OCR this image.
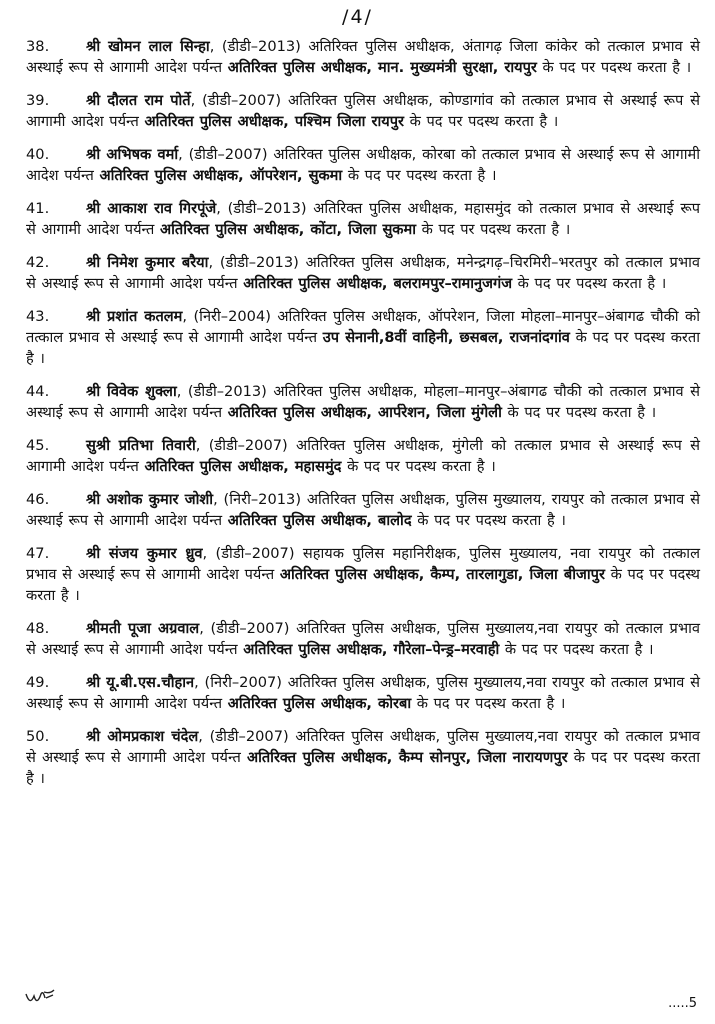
/4/

38.	श्री खोमन लाल सिन्हा, (डीडी–2013) अतिरिक्त पुलिस अधीक्षक, अंतागढ़ जिला कांकेर को तत्काल प्रभाव से अस्थाई रूप से आगामी आदेश पर्यन्त अतिरिक्त पुलिस अधीक्षक, मान. मुख्यमंत्री सुरक्षा, रायपुर के पद पर पदस्थ करता है ।

39.	श्री दौलत राम पोर्ते, (डीडी–2007) अतिरिक्त पुलिस अधीक्षक, कोण्डागांव को तत्काल प्रभाव से अस्थाई रूप से आगामी आदेश पर्यन्त अतिरिक्त पुलिस अधीक्षक, पश्चिम जिला रायपुर के पद पर पदस्थ करता है ।

40.	श्री अभिषक वर्मा, (डीडी–2007) अतिरिक्त पुलिस अधीक्षक, कोरबा को तत्काल प्रभाव से अस्थाई रूप से आगामी आदेश पर्यन्त अतिरिक्त पुलिस अधीक्षक, ऑपरेशन, सुकमा के पद पर पदस्थ करता है ।

41.	श्री आकाश राव गिरपूंजे, (डीडी–2013) अतिरिक्त पुलिस अधीक्षक, महासमुंद को तत्काल प्रभाव से अस्थाई रूप से आगामी आदेश पर्यन्त अतिरिक्त पुलिस अधीक्षक, कोंटा, जिला सुकमा के पद पर पदस्थ करता है ।

42.	श्री निमेश कुमार बरैया, (डीडी–2013) अतिरिक्त पुलिस अधीक्षक, मनेन्द्रगढ़–चिरमिरी–भरतपुर को तत्काल प्रभाव से अस्थाई रूप से आगामी आदेश पर्यन्त अतिरिक्त पुलिस अधीक्षक, बलरामपुर–रामानुजगंज के पद पर पदस्थ करता है ।

43.	श्री प्रशांत कतलम, (निरी–2004) अतिरिक्त पुलिस अधीक्षक, ऑपरेशन, जिला मोहला–मानपुर–अंबागढ चौकी को तत्काल प्रभाव से अस्थाई रूप से आगामी आदेश पर्यन्त उप सेनानी,8वीं वाहिनी, छसबल, राजनांदगांव के पद पर पदस्थ करता है ।

44.	श्री विवेक शुक्ला, (डीडी–2013) अतिरिक्त पुलिस अधीक्षक, मोहला–मानपुर–अंबागढ चौकी को तत्काल प्रभाव से अस्थाई रूप से आगामी आदेश पर्यन्त अतिरिक्त पुलिस अधीक्षक, आर्परेशन, जिला मुंगेली के पद पर पदस्थ करता है ।

45.	सुश्री प्रतिभा तिवारी, (डीडी–2007) अतिरिक्त पुलिस अधीक्षक, मुंगेली को तत्काल प्रभाव से अस्थाई रूप से आगामी आदेश पर्यन्त अतिरिक्त पुलिस अधीक्षक, महासमुंद के पद पर पदस्थ करता है ।

46.	श्री अशोक कुमार जोशी, (निरी–2013) अतिरिक्त पुलिस अधीक्षक, पुलिस मुख्यालय, रायपुर को तत्काल प्रभाव से अस्थाई रूप से आगामी आदेश पर्यन्त अतिरिक्त पुलिस अधीक्षक, बालोद के पद पर पदस्थ करता है ।

47.	श्री संजय कुमार ध्रुव, (डीडी–2007) सहायक पुलिस महानिरीक्षक, पुलिस मुख्यालय, नवा रायपुर को तत्काल प्रभाव से अस्थाई रूप से आगामी आदेश पर्यन्त अतिरिक्त पुलिस अधीक्षक, कैम्प, तारलागुडा, जिला बीजापुर के पद पर पदस्थ करता है ।

48.	श्रीमती पूजा अग्रवाल, (डीडी–2007) अतिरिक्त पुलिस अधीक्षक, पुलिस मुख्यालय,नवा रायपुर को तत्काल प्रभाव से अस्थाई रूप से आगामी आदेश पर्यन्त अतिरिक्त पुलिस अधीक्षक, गौरेला–पेन्ड्र–मरवाही के पद पर पदस्थ करता है ।

49.	श्री यू.बी.एस.चौहान, (निरी–2007) अतिरिक्त पुलिस अधीक्षक, पुलिस मुख्यालय,नवा रायपुर को तत्काल प्रभाव से अस्थाई रूप से आगामी आदेश पर्यन्त अतिरिक्त पुलिस अधीक्षक, कोरबा के पद पर पदस्थ करता है ।

50.	श्री ओमप्रकाश चंदेल, (डीडी–2007) अतिरिक्त पुलिस अधीक्षक, पुलिस मुख्यालय,नवा रायपुर को तत्काल प्रभाव से अस्थाई रूप से आगामी आदेश पर्यन्त अतिरिक्त पुलिस अधीक्षक, कैम्प सोनपुर, जिला नारायणपुर के पद पर पदस्थ करता है ।

.....5
